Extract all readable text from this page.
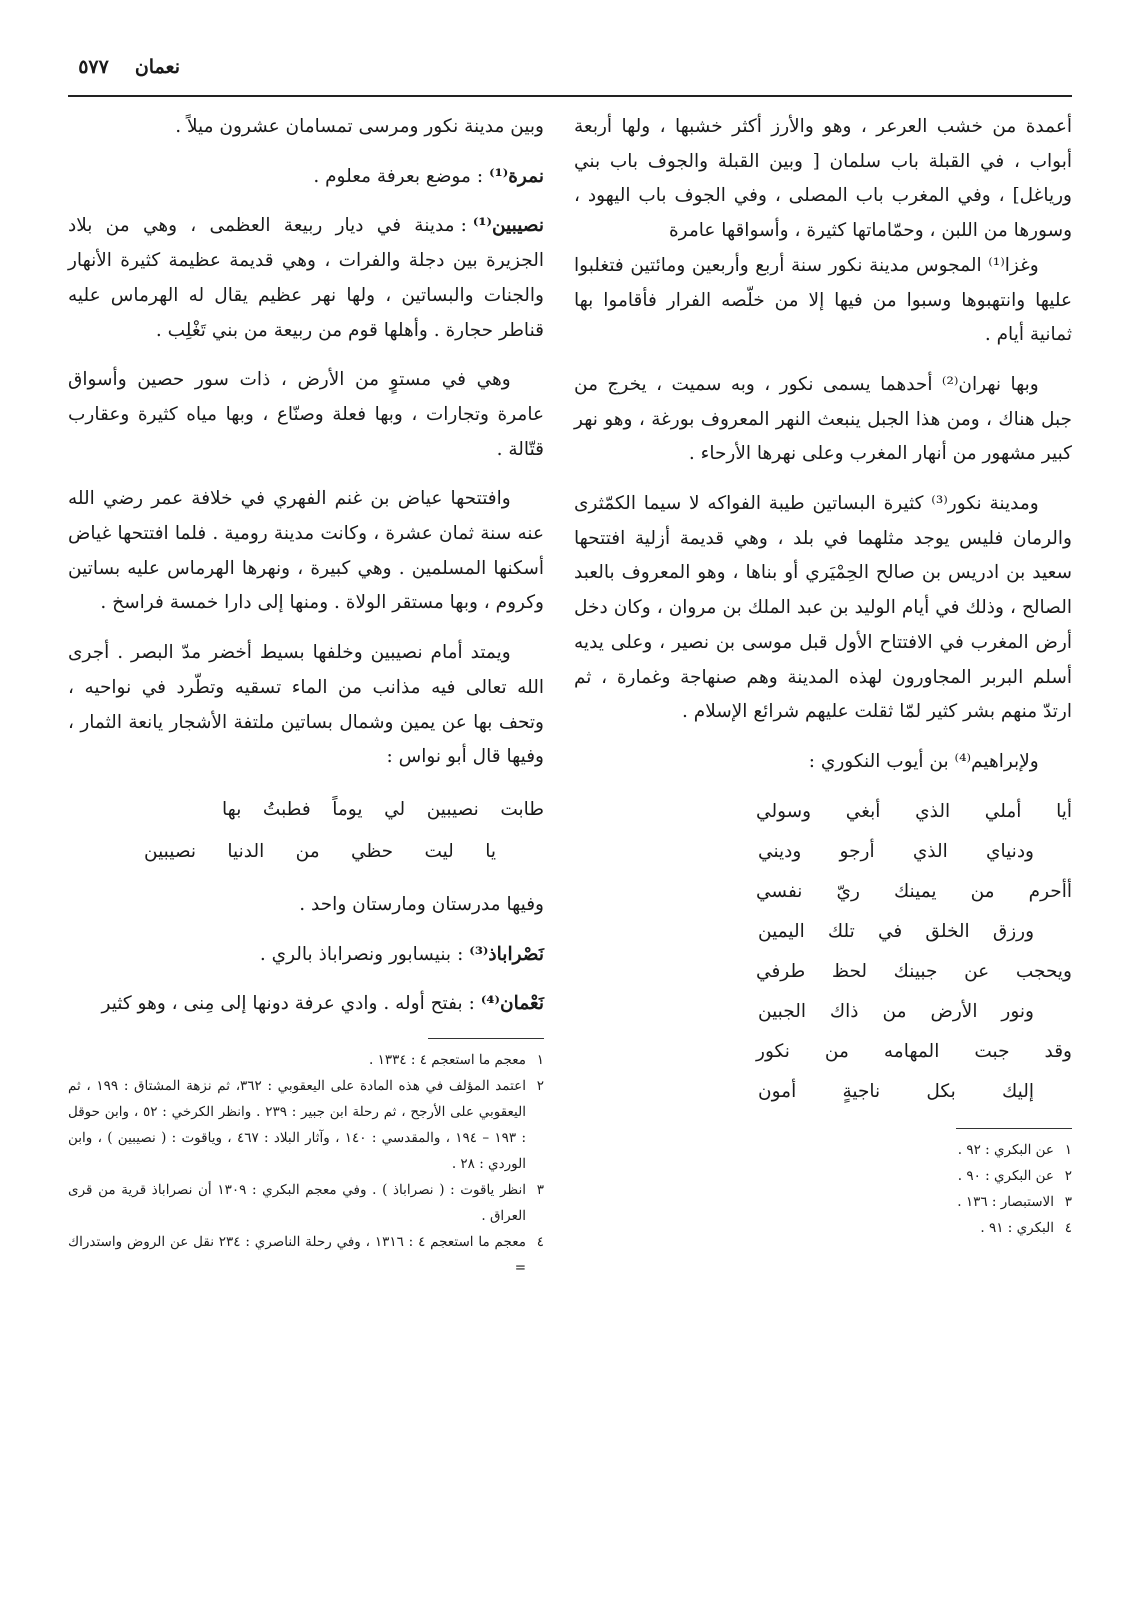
نعمان
٥٧٧

أعمدة من خشب العرعر ، وهو والأرز أكثر خشبها ، ولها أربعة أبواب ، في القبلة باب سلمان [ وبين القبلة والجوف باب بني ورياغل] ، وفي المغرب باب المصلى ، وفي الجوف باب اليهود ، وسورها من اللبن ، وحمّاماتها كثيرة ، وأسواقها عامرة

وغزا⁽¹⁾ المجوس مدينة نكور سنة أربع وأربعين ومائتين فتغلبوا عليها وانتهبوها وسبوا من فيها إلا من خلّصه الفرار فأقاموا بها ثمانية أيام .

وبها نهران⁽²⁾ أحدهما يسمى نكور ، وبه سميت ، يخرج من جبل هناك ، ومن هذا الجبل ينبعث النهر المعروف بورغة ، وهو نهر كبير مشهور من أنهار المغرب وعلى نهرها الأرحاء .

ومدينة نكور⁽³⁾ كثيرة البساتين طيبة الفواكه لا سيما الكمّثرى والرمان فليس يوجد مثلهما في بلد ، وهي قديمة أزلية افتتحها سعيد بن ادريس بن صالح الحِمْيَري أو بناها ، وهو المعروف بالعبد الصالح ، وذلك في أيام الوليد بن عبد الملك بن مروان ، وكان دخل أرض المغرب في الافتتاح الأول قبل موسى بن نصير ، وعلى يديه أسلم البربر المجاورون لهذه المدينة وهم صنهاجة وغمارة ، ثم ارتدّ منهم بشر كثير لمّا ثقلت عليهم شرائع الإسلام .

ولإبراهيم⁽⁴⁾ بن أيوب النكوري :

أيا
أملي
الذي
أبغي
وسولي
ودنياي
الذي
أرجو
وديني
أأحرم
من
يمينك
ريّ
نفسي
ورزق
الخلق
في
تلك
اليمين
ويحجب
عن
جبينك
لحظ
طرفي
ونور
الأرض
من
ذاك
الجبين
وقد
جبت
المهامه
من
نكور
إليك
بكل
ناجيةٍ
أمون
١
عن البكري : ٩٢ .
٢
عن البكري : ٩٠ .
٣
الاستبصار : ١٣٦ .
٤
البكري : ٩١ .

وبين مدينة نكور ومرسى تمسامان عشرون ميلاً .

نمرة⁽¹⁾:موضع بعرفة معلوم .

نصيبين⁽¹⁾:مدينة في ديار ربيعة العظمى ، وهي من بلاد الجزيرة بين دجلة والفرات ، وهي قديمة عظيمة كثيرة الأنهار والجنات والبساتين ، ولها نهر عظيم يقال له الهرماس عليه قناطر حجارة . وأهلها قوم من ربيعة من بني تَغْلِب .

وهي في مستوٍ من الأرض ، ذات سور حصين وأسواق عامرة وتجارات ، وبها فعلة وصنّاع ، وبها مياه كثيرة وعقارب قتّالة .

وافتتحها عياض بن غنم الفهري في خلافة عمر رضي الله عنه سنة ثمان عشرة ، وكانت مدينة رومية . فلما افتتحها غياض أسكنها المسلمين . وهي كبيرة ، ونهرها الهرماس عليه بساتين وكروم ، وبها مستقر الولاة . ومنها إلى دارا خمسة فراسخ .

ويمتد أمام نصيبين وخلفها بسيط أخضر مدّ البصر . أجرى الله تعالى فيه مذانب من الماء تسقيه وتطّرد في نواحيه ، وتحف بها عن يمين وشمال بساتين ملتفة الأشجار يانعة الثمار ، وفيها قال أبو نواس :

طابت
نصيبين
لي
يوماً
فطبتُ
بها
يا
ليت
حظي
من
الدنيا
نصيبين

وفيها مدرستان ومارستان واحد .

نَصْراباذ⁽³⁾:بنيسابور ونصراباذ بالري .

نَعْمان⁽⁴⁾:بفتح أوله . وادي عرفة دونها إلى مِنى ، وهو كثير

١
معجم ما استعجم ٤ : ١٣٣٤ .
٢
اعتمد المؤلف في هذه المادة على اليعقوبي : ٣٦٢، ثم نزهة المشتاق : ١٩٩ ، ثم اليعقوبي على الأرجح ، ثم رحلة ابن جبير : ٢٣٩ . وانظر الكرخي : ٥٢ ، وابن حوقل : ١٩٣ – ١٩٤ ، والمقدسي : ١٤٠ ، وآثار البلاد : ٤٦٧ ، وياقوت : ( نصيبين ) ، وابن الوردي : ٢٨ .
٣
انظر ياقوت : ( نصراباذ ) . وفي معجم البكري : ١٣٠٩ أن نصراباذ قرية من قرى العراق .
٤
معجم ما استعجم ٤ : ١٣١٦ ، وفي رحلة الناصري : ٢٣٤ نقل عن الروض واستدراك =
